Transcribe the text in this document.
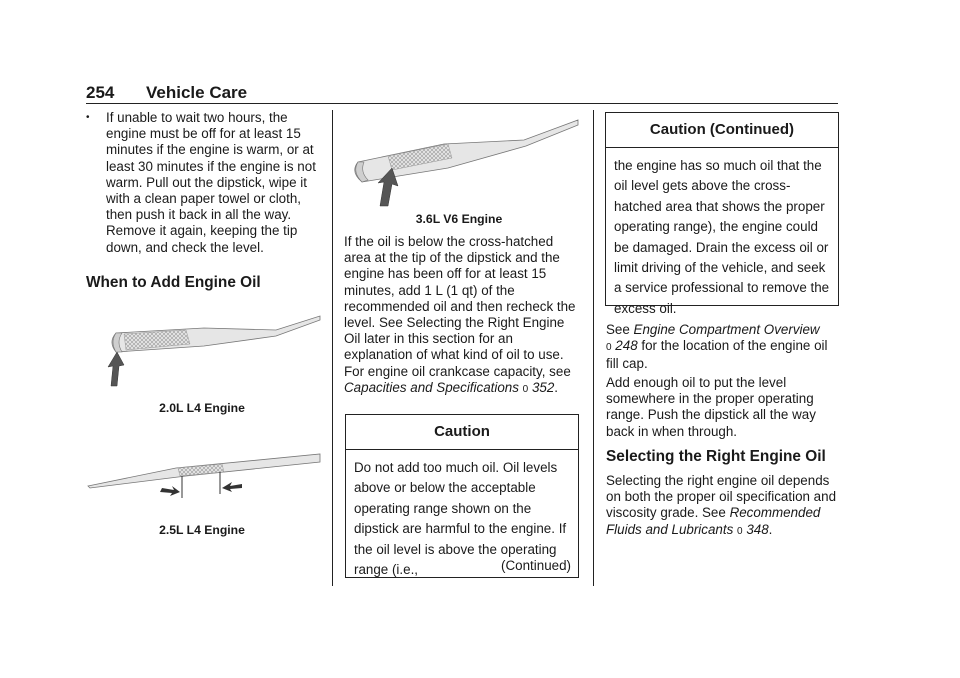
254 Vehicle Care
• If unable to wait two hours, the engine must be off for at least 15 minutes if the engine is warm, or at least 30 minutes if the engine is not warm. Pull out the dipstick, wipe it with a clean paper towel or cloth, then push it back in all the way. Remove it again, keeping the tip down, and check the level.
When to Add Engine Oil
2.0L L4 Engine
2.5L L4 Engine
3.6L V6 Engine
If the oil is below the cross-hatched area at the tip of the dipstick and the engine has been off for at least 15 minutes, add 1 L (1 qt) of the recommended oil and then recheck the level. See Selecting the Right Engine Oil later in this section for an explanation of what kind of oil to use. For engine oil crankcase capacity, see Capacities and Specifications 0 352.
Caution
Do not add too much oil. Oil levels above or below the acceptable operating range shown on the dipstick are harmful to the engine. If the oil level is above the operating range (i.e.,	(Continued)
Caution (Continued)
the engine has so much oil that the oil level gets above the cross-hatched area that shows the proper operating range), the engine could be damaged. Drain the excess oil or limit driving of the vehicle, and seek a service professional to remove the excess oil.
See Engine Compartment Overview
0 248 for the location of the engine oil fill cap.
Add enough oil to put the level somewhere in the proper operating range. Push the dipstick all the way back in when through.
Selecting the Right Engine Oil
Selecting the right engine oil depends on both the proper oil specification and viscosity grade. See Recommended Fluids and Lubricants 0 348.
